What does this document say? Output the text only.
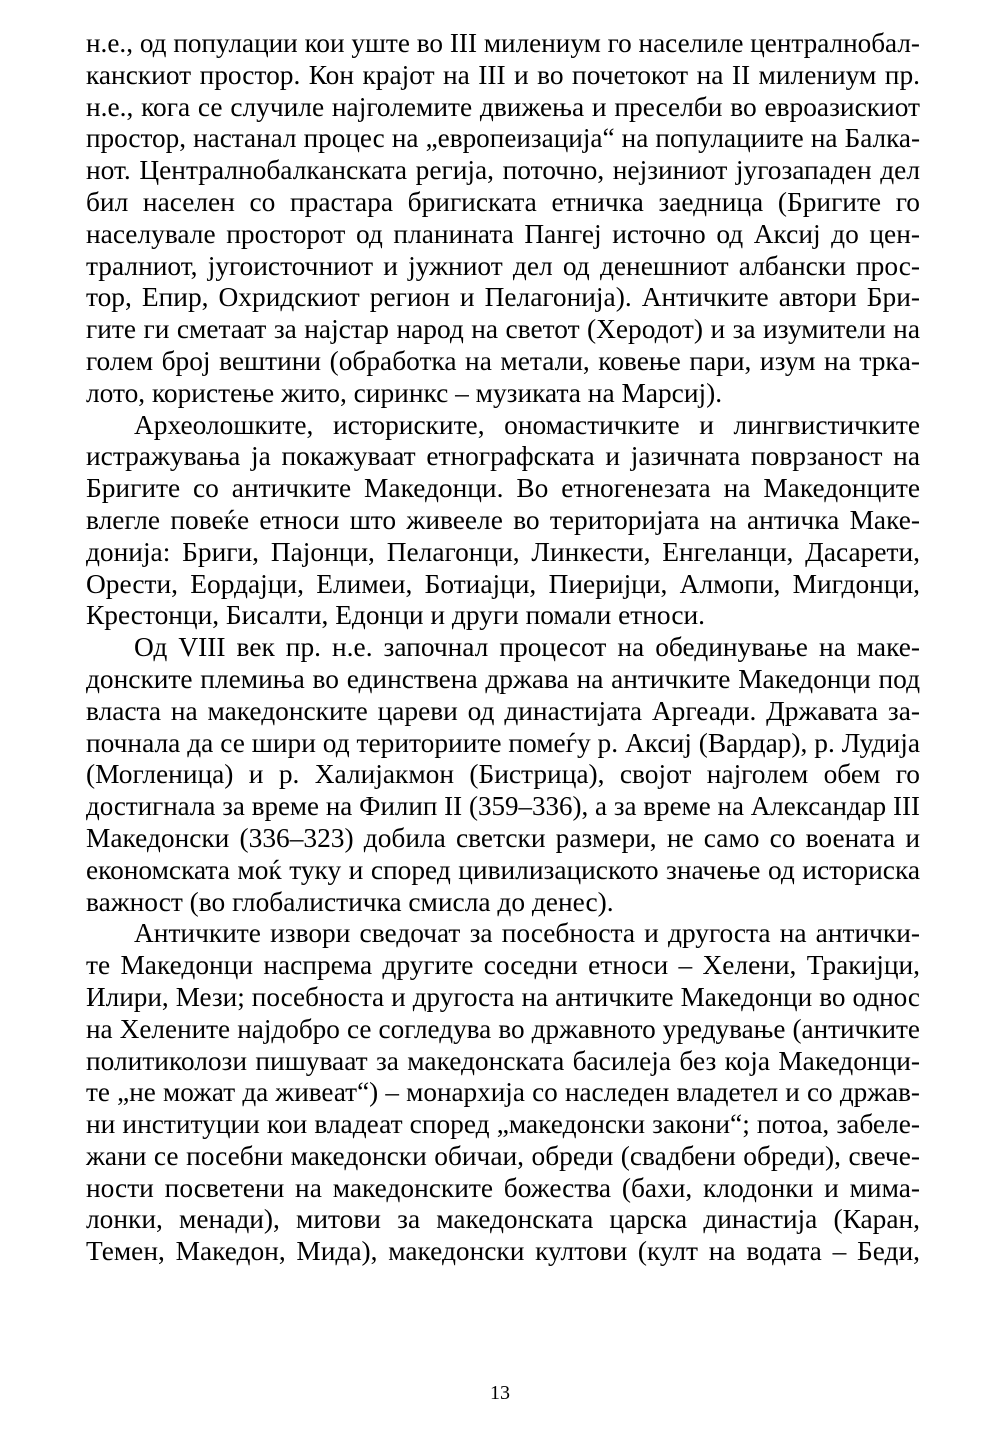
н.е., од популации кои уште во III милениум го населиле централнобал-
канскиот простор. Кон крајот на III и во почетокот на II милениум пр.
н.е., кога се случиле најголемите движења и преселби во евроазискиот
простор, настанал процес на „европеизација“ на популациите на Балка-
нот. Централнобалканската регија, поточно, нејзиниот југозападен дел
бил населен со прастара бригиската етничка заедница (Бригите го
населувале просторот од планината Пангеј источно од Аксиј до цен-
тралниот, југоисточниот и јужниот дел од денешниот албански прос-
тор, Епир, Охридскиот регион и Пелагонија). Античките автори Бри-
гите ги сметаат за најстар народ на светот (Херодот) и за изумители на
голем број вештини (обработка на метали, ковење пари, изум на тркa-
лото, користење жито, сиринкс – музиката на Марсиј).
Археолошките, историските, ономастичките и лингвистичките
истражувања ја покажуваат етнографската и јазичната поврзаност на
Бригите со античките Македонци. Во етногенезата на Македонците
влегле повеќе етноси што живееле во територијата на античка Маке-
донија: Бриги, Пајонци, Пелагонци, Линкести, Енгеланци, Дасарети,
Орести, Еордајци, Елимеи, Ботиајци, Пиериjци, Алмопи, Мигдонци,
Крестонци, Бисалти, Едонци и други помали етноси.
Од VIII век пр. н.е. започнал процесот на обединување на маке-
донските племиња во единствена држава на античките Македонци под
власта на македонските цареви од династијата Аргеади. Државата за-
почнала да се шири од териториите помеѓу р. Аксиј (Вардар), р. Лудија
(Могленица) и р. Халијакмон (Бистрица), својот најголем обем го
достигнала за време на Филип II (359–336), а за време на Александар III
Македонски (336–323) добила светски размери, не само со воената и
економската моќ туку и според цивилизациското значење од историска
важност (во глобалистичка смисла до денес).
Античките извори сведочат за посебноста и другоста на антички-
те Македонци наспрема другите соседни етноси – Хелени, Тракијци,
Илири, Мези; посебноста и другоста на античките Македонци во однос
на Хелените најдобро се согледува во државното уредување (античките
политиколози пишуваат за македонската басилеја без која Македонци-
те „не можат да живеат“) – монархија со наследен владетел и со држав-
ни институции кои владеат според „македонски закони“; потоа, забеле-
жани се посебни македонски обичаи, обреди (свадбени обреди), свече-
ности посветени на македонските божества (бахи, клодонки и мима-
лонки, менади), митови за македонската царска династија (Каран,
Темен, Македон, Мида), македонски култови (култ на водата – Беди,
13
